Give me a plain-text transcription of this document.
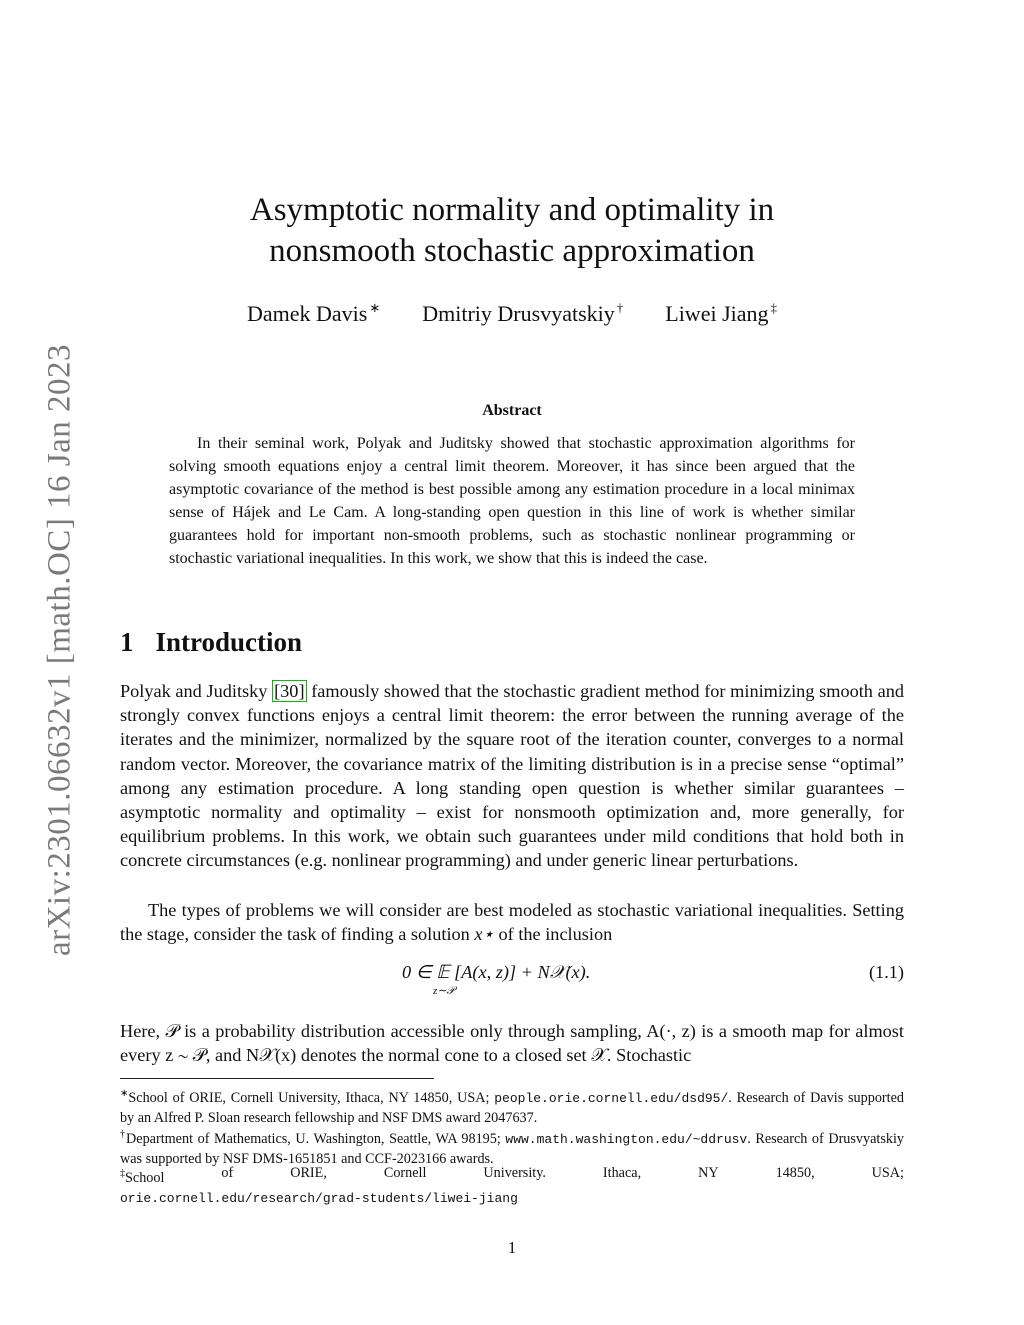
arXiv:2301.06632v1 [math.OC] 16 Jan 2023
Asymptotic normality and optimality in
nonsmooth stochastic approximation
Damek Davis ∗ Dmitriy Drusvyatskiy † Liwei Jiang ‡
Abstract

In their seminal work, Polyak and Juditsky showed that stochastic approximation algorithms for solving smooth equations enjoy a central limit theorem. Moreover, it has since been argued that the asymptotic covariance of the method is best possible among any estimation procedure in a local minimax sense of Hájek and Le Cam. A long-standing open question in this line of work is whether similar guarantees hold for important non-smooth problems, such as stochastic nonlinear programming or stochastic variational inequalities. In this work, we show that this is indeed the case.

1 Introduction

Polyak and Juditsky [30] famously showed that the stochastic gradient method for minimizing smooth and strongly convex functions enjoys a central limit theorem: the error between the running average of the iterates and the minimizer, normalized by the square root of the iteration counter, converges to a normal random vector. Moreover, the covariance matrix of the limiting distribution is in a precise sense “optimal” among any estimation procedure. A long standing open question is whether similar guarantees – asymptotic normality and optimality – exist for nonsmooth optimization and, more generally, for equilibrium problems. In this work, we obtain such guarantees under mild conditions that hold both in concrete circumstances (e.g. nonlinear programming) and under generic linear perturbations.

The types of problems we will consider are best modeled as stochastic variational inequalities. Setting the stage, consider the task of finding a solution x⋆ of the inclusion

0 ∈ 𝔼 [A(x, z)] + N𝒳(x).
z∼𝒫
(1.1)

Here, 𝒫 is a probability distribution accessible only through sampling, A(·, z) is a smooth map for almost every z ∼ 𝒫, and N𝒳(x) denotes the normal cone to a closed set 𝒳. Stochastic

∗School of ORIE, Cornell University, Ithaca, NY 14850, USA; people.orie.cornell.edu/dsd95/. Research of Davis supported by an Alfred P. Sloan research fellowship and NSF DMS award 2047637.

†Department of Mathematics, U. Washington, Seattle, WA 98195; www.math.washington.edu/~ddrusv. Research of Drusvyatskiy was supported by NSF DMS-1651851 and CCF-2023166 awards.

‡School	of	ORIE,	Cornell	University.	Ithaca,	NY	14850,	USA;
orie.cornell.edu/research/grad-students/liwei-jiang
1
